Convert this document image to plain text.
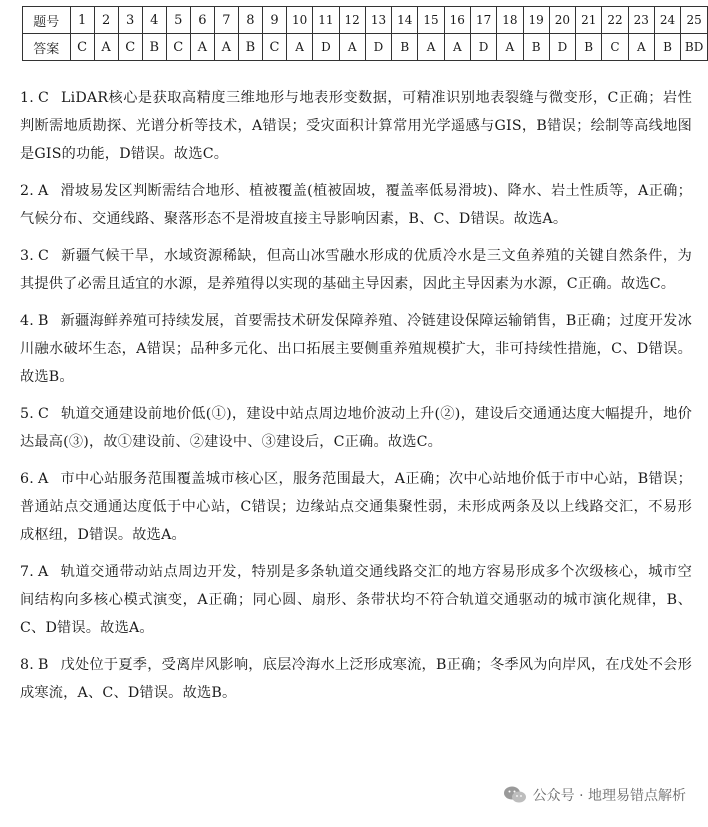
题号	1	2	3	4	5	6	7	8	9	10	11	12	13	14	15	16	17	18	19	20	21	22	23	24	25
答案	C	A	C	B	C	A	A	B	C	A	D	A	D	B	A	A	D	A	B	D	B	C	A	B	BD

1. C LiDAR核心是获取高精度三维地形与地表形变数据，可精准识别地表裂缝与微变形，C正确；岩性判断需地质勘探、光谱分析等技术，A错误；受灾面积计算常用光学遥感与GIS，B错误；绘制等高线地图是GIS的功能，D错误。故选C。

2. A 滑坡易发区判断需结合地形、植被覆盖(植被固坡，覆盖率低易滑坡)、降水、岩土性质等，A正确；气候分布、交通线路、聚落形态不是滑坡直接主导影响因素，B、C、D错误。故选A。

3. C 新疆气候干旱，水域资源稀缺，但高山冰雪融水形成的优质冷水是三文鱼养殖的关键自然条件，为其提供了必需且适宜的水源，是养殖得以实现的基础主导因素，因此主导因素为水源，C正确。故选C。

4. B 新疆海鲜养殖可持续发展，首要需技术研发保障养殖、冷链建设保障运输销售，B正确；过度开发冰川融水破坏生态，A错误；品种多元化、出口拓展主要侧重养殖规模扩大，非可持续性措施，C、D错误。故选B。

5. C 轨道交通建设前地价低(①)，建设中站点周边地价波动上升(②)，建设后交通通达度大幅提升，地价达最高(③)，故①建设前、②建设中、③建设后，C正确。故选C。

6. A 市中心站服务范围覆盖城市核心区，服务范围最大，A正确；次中心站地价低于市中心站，B错误；普通站点交通通达度低于中心站，C错误；边缘站点交通集聚性弱，未形成两条及以上线路交汇，不易形成枢纽，D错误。故选A。

7. A 轨道交通带动站点周边开发，特别是多条轨道交通线路交汇的地方容易形成多个次级核心，城市空间结构向多核心模式演变，A正确；同心圆、扇形、条带状均不符合轨道交通驱动的城市演化规律，B、C、D错误。故选A。

8. B 戊处位于夏季，受离岸风影响，底层冷海水上泛形成寒流，B正确；冬季风为向岸风，在戊处不会形成寒流，A、C、D错误。故选B。

公众号 · 地理易错点解析
